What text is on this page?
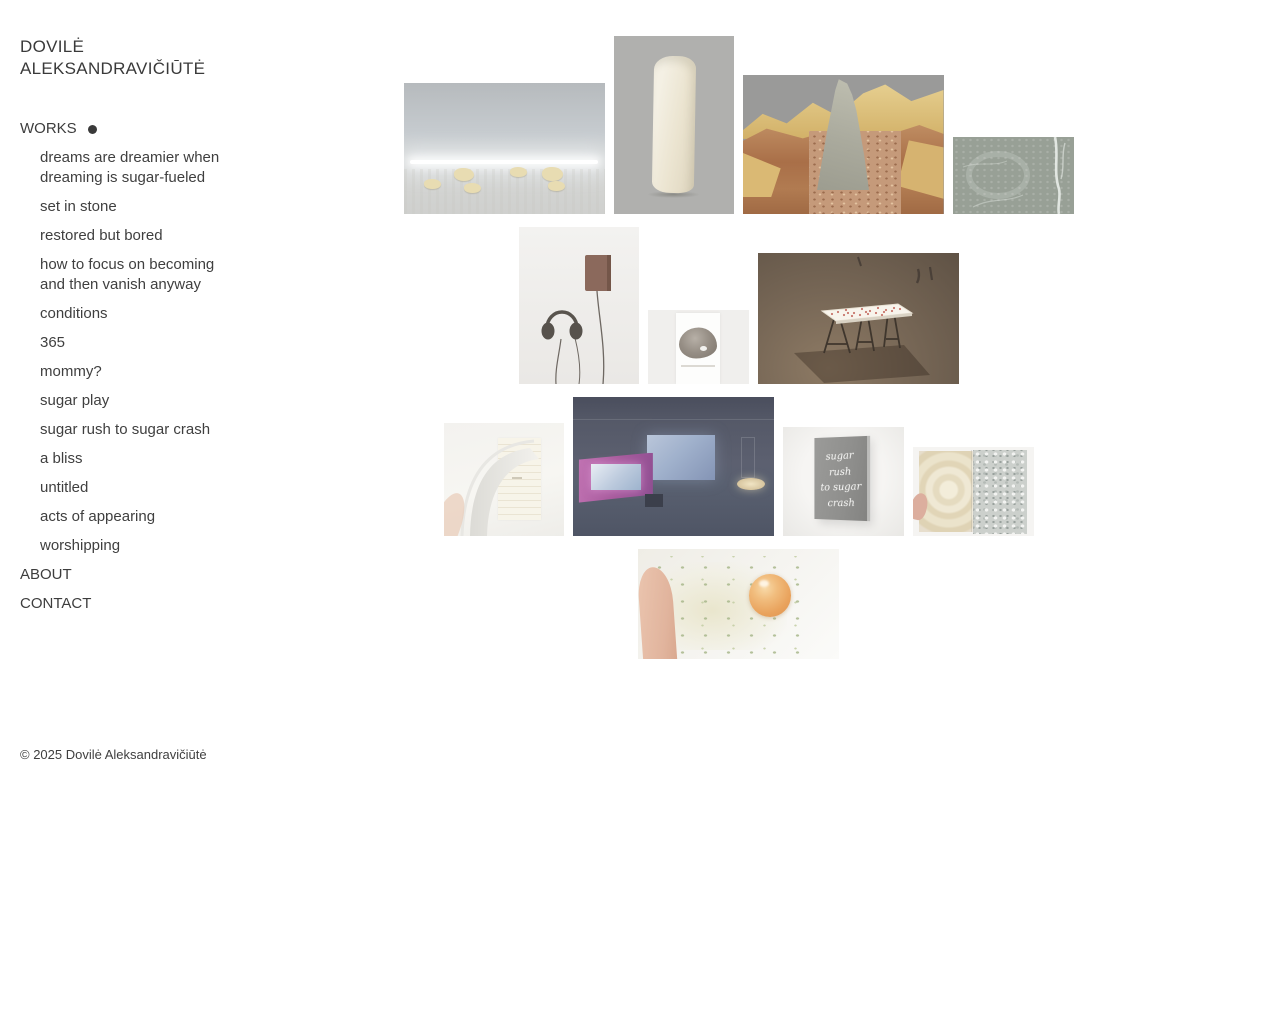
DOVILĖ
ALEKSANDRAVIČIŪTĖ
WORKS
dreams are dreamier when dreaming is sugar-fueled
set in stone
restored but bored
how to focus on becoming and then vanish anyway
conditions
365
mommy?
sugar play
sugar rush to sugar crash
a bliss
untitled
acts of appearing
worshipping
ABOUT
CONTACT
sugar
rush
to sugar
crash
© 2025 Dovilė Aleksandravičiūtė
